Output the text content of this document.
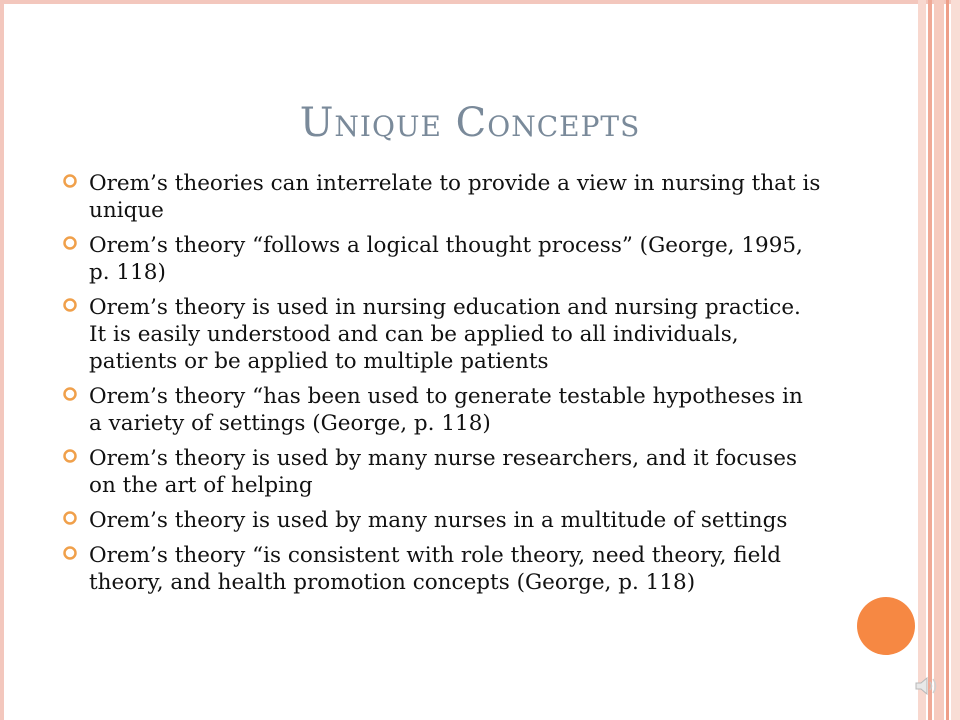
Unique Concepts
Orem’s theories can interrelate to provide a view in nursing that is unique
Orem’s theory “follows a logical thought process” (George, 1995, p. 118)
Orem’s theory is used in nursing education and nursing practice. It is easily understood and can be applied to all individuals, patients or be applied to multiple patients
Orem’s theory “has been used to generate testable hypotheses in a variety of settings (George, p. 118)
Orem’s theory is used by many nurse researchers, and it focuses on the art of helping
Orem’s theory is used by many nurses in a multitude of settings
Orem’s theory “is consistent with role theory, need theory, field theory, and health promotion concepts (George, p. 118)
